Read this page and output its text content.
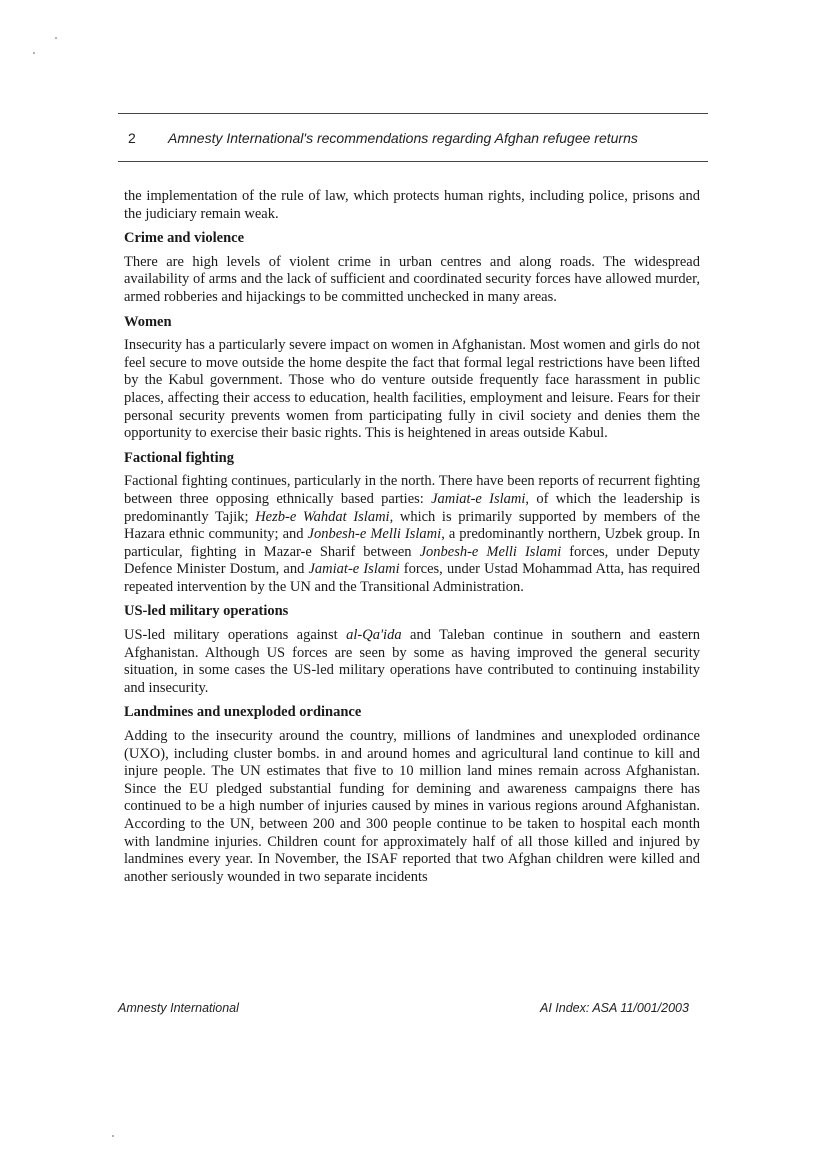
2 Amnesty International's recommendations regarding Afghan refugee returns

the implementation of the rule of law, which protects human rights, including police, prisons and the judiciary remain weak.

Crime and violence

There are high levels of violent crime in urban centres and along roads. The widespread availability of arms and the lack of sufficient and coordinated security forces have allowed murder, armed robberies and hijackings to be committed unchecked in many areas.

Women

Insecurity has a particularly severe impact on women in Afghanistan. Most women and girls do not feel secure to move outside the home despite the fact that formal legal restrictions have been lifted by the Kabul government. Those who do venture outside frequently face harassment in public places, affecting their access to education, health facilities, employment and leisure. Fears for their personal security prevents women from participating fully in civil society and denies them the opportunity to exercise their basic rights. This is heightened in areas outside Kabul.

Factional fighting

Factional fighting continues, particularly in the north. There have been reports of recurrent fighting between three opposing ethnically based parties: Jamiat-e Islami, of which the leadership is predominantly Tajik; Hezb-e Wahdat Islami, which is primarily supported by members of the Hazara ethnic community; and Jonbesh-e Melli Islami, a predominantly northern, Uzbek group. In particular, fighting in Mazar-e Sharif between Jonbesh-e Melli Islami forces, under Deputy Defence Minister Dostum, and Jamiat-e Islami forces, under Ustad Mohammad Atta, has required repeated intervention by the UN and the Transitional Administration.

US-led military operations

US-led military operations against al-Qa'ida and Taleban continue in southern and eastern Afghanistan. Although US forces are seen by some as having improved the general security situation, in some cases the US-led military operations have contributed to continuing instability and insecurity.

Landmines and unexploded ordinance

Adding to the insecurity around the country, millions of landmines and unexploded ordinance (UXO), including cluster bombs. in and around homes and agricultural land continue to kill and injure people. The UN estimates that five to 10 million land mines remain across Afghanistan. Since the EU pledged substantial funding for demining and awareness campaigns there has continued to be a high number of injuries caused by mines in various regions around Afghanistan. According to the UN, between 200 and 300 people continue to be taken to hospital each month with landmine injuries. Children count for approximately half of all those killed and injured by landmines every year. In November, the ISAF reported that two Afghan children were killed and another seriously wounded in two separate incidents

Amnesty International	AI Index: ASA 11/001/2003
